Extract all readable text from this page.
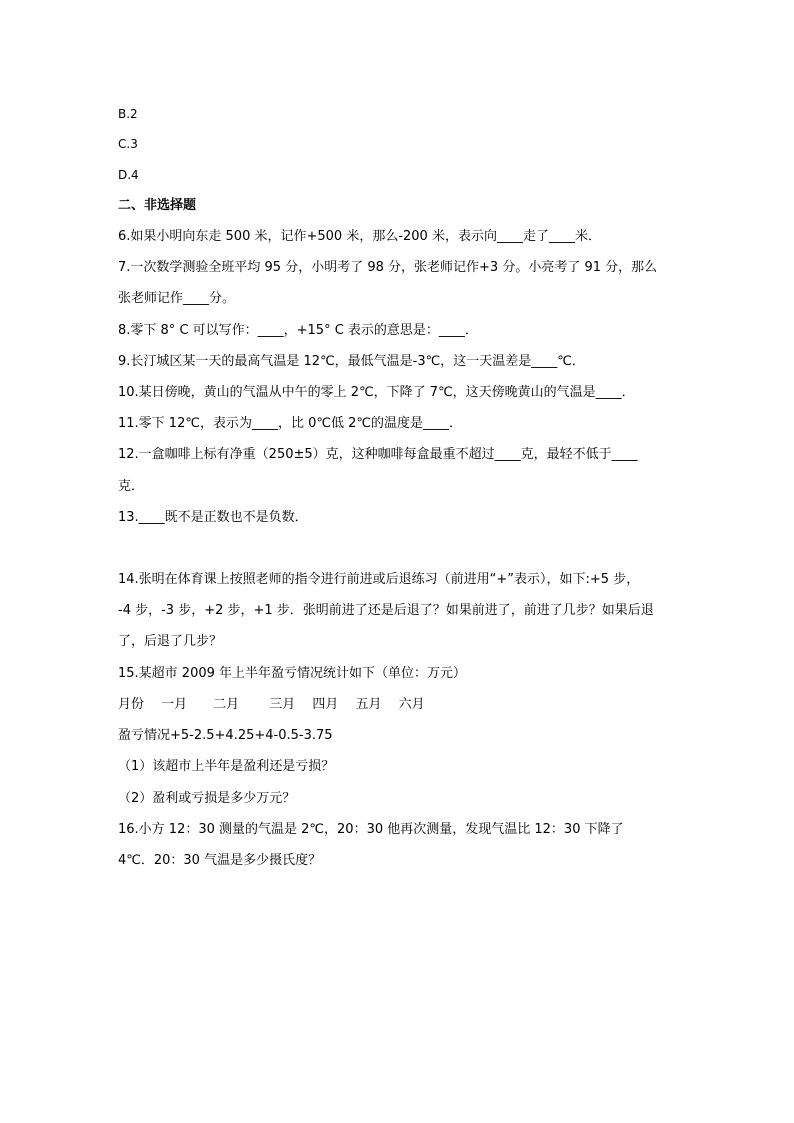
B.2
C.3
D.4
二、非选择题
6.如果小明向东走 500 米，记作+500 米，那么-200 米，表示向____走了____米．
7.一次数学测验全班平均 95 分，小明考了 98 分，张老师记作+3 分。小亮考了 91 分，那么
张老师记作____分。
8.零下 8° C 可以写作：____，+15° C 表示的意思是：____．
9.长汀城区某一天的最高气温是 12℃，最低气温是-3℃，这一天温差是____℃．
10.某日傍晚，黄山的气温从中午的零上 2℃，下降了 7℃，这天傍晚黄山的气温是____．
11.零下 12℃，表示为____，比 0℃低 2℃的温度是____．
12.一盒咖啡上标有净重（250±5）克，这种咖啡每盒最重不超过____克，最轻不低于____
克．
13.____既不是正数也不是负数．
14.张明在体育课上按照老师的指令进行前进或后退练习（前进用“+”表示），如下:+5 步，
-4 步，-3 步，+2 步，+1 步．张明前进了还是后退了？如果前进了，前进了几步？如果后退
了，后退了几步？
15.某超市 2009 年上半年盈亏情况统计如下（单位：万元）
月份　 一月　　二月　　 三月　 四月　 五月　 六月
盈亏情况+5-2.5+4.25+4-0.5-3.75
（1）该超市上半年是盈利还是亏损？
（2）盈利或亏损是多少万元？
16.小方 12：30 测量的气温是 2℃，20：30 他再次测量，发现气温比 12：30 下降了
4℃．20：30 气温是多少摄氏度？
